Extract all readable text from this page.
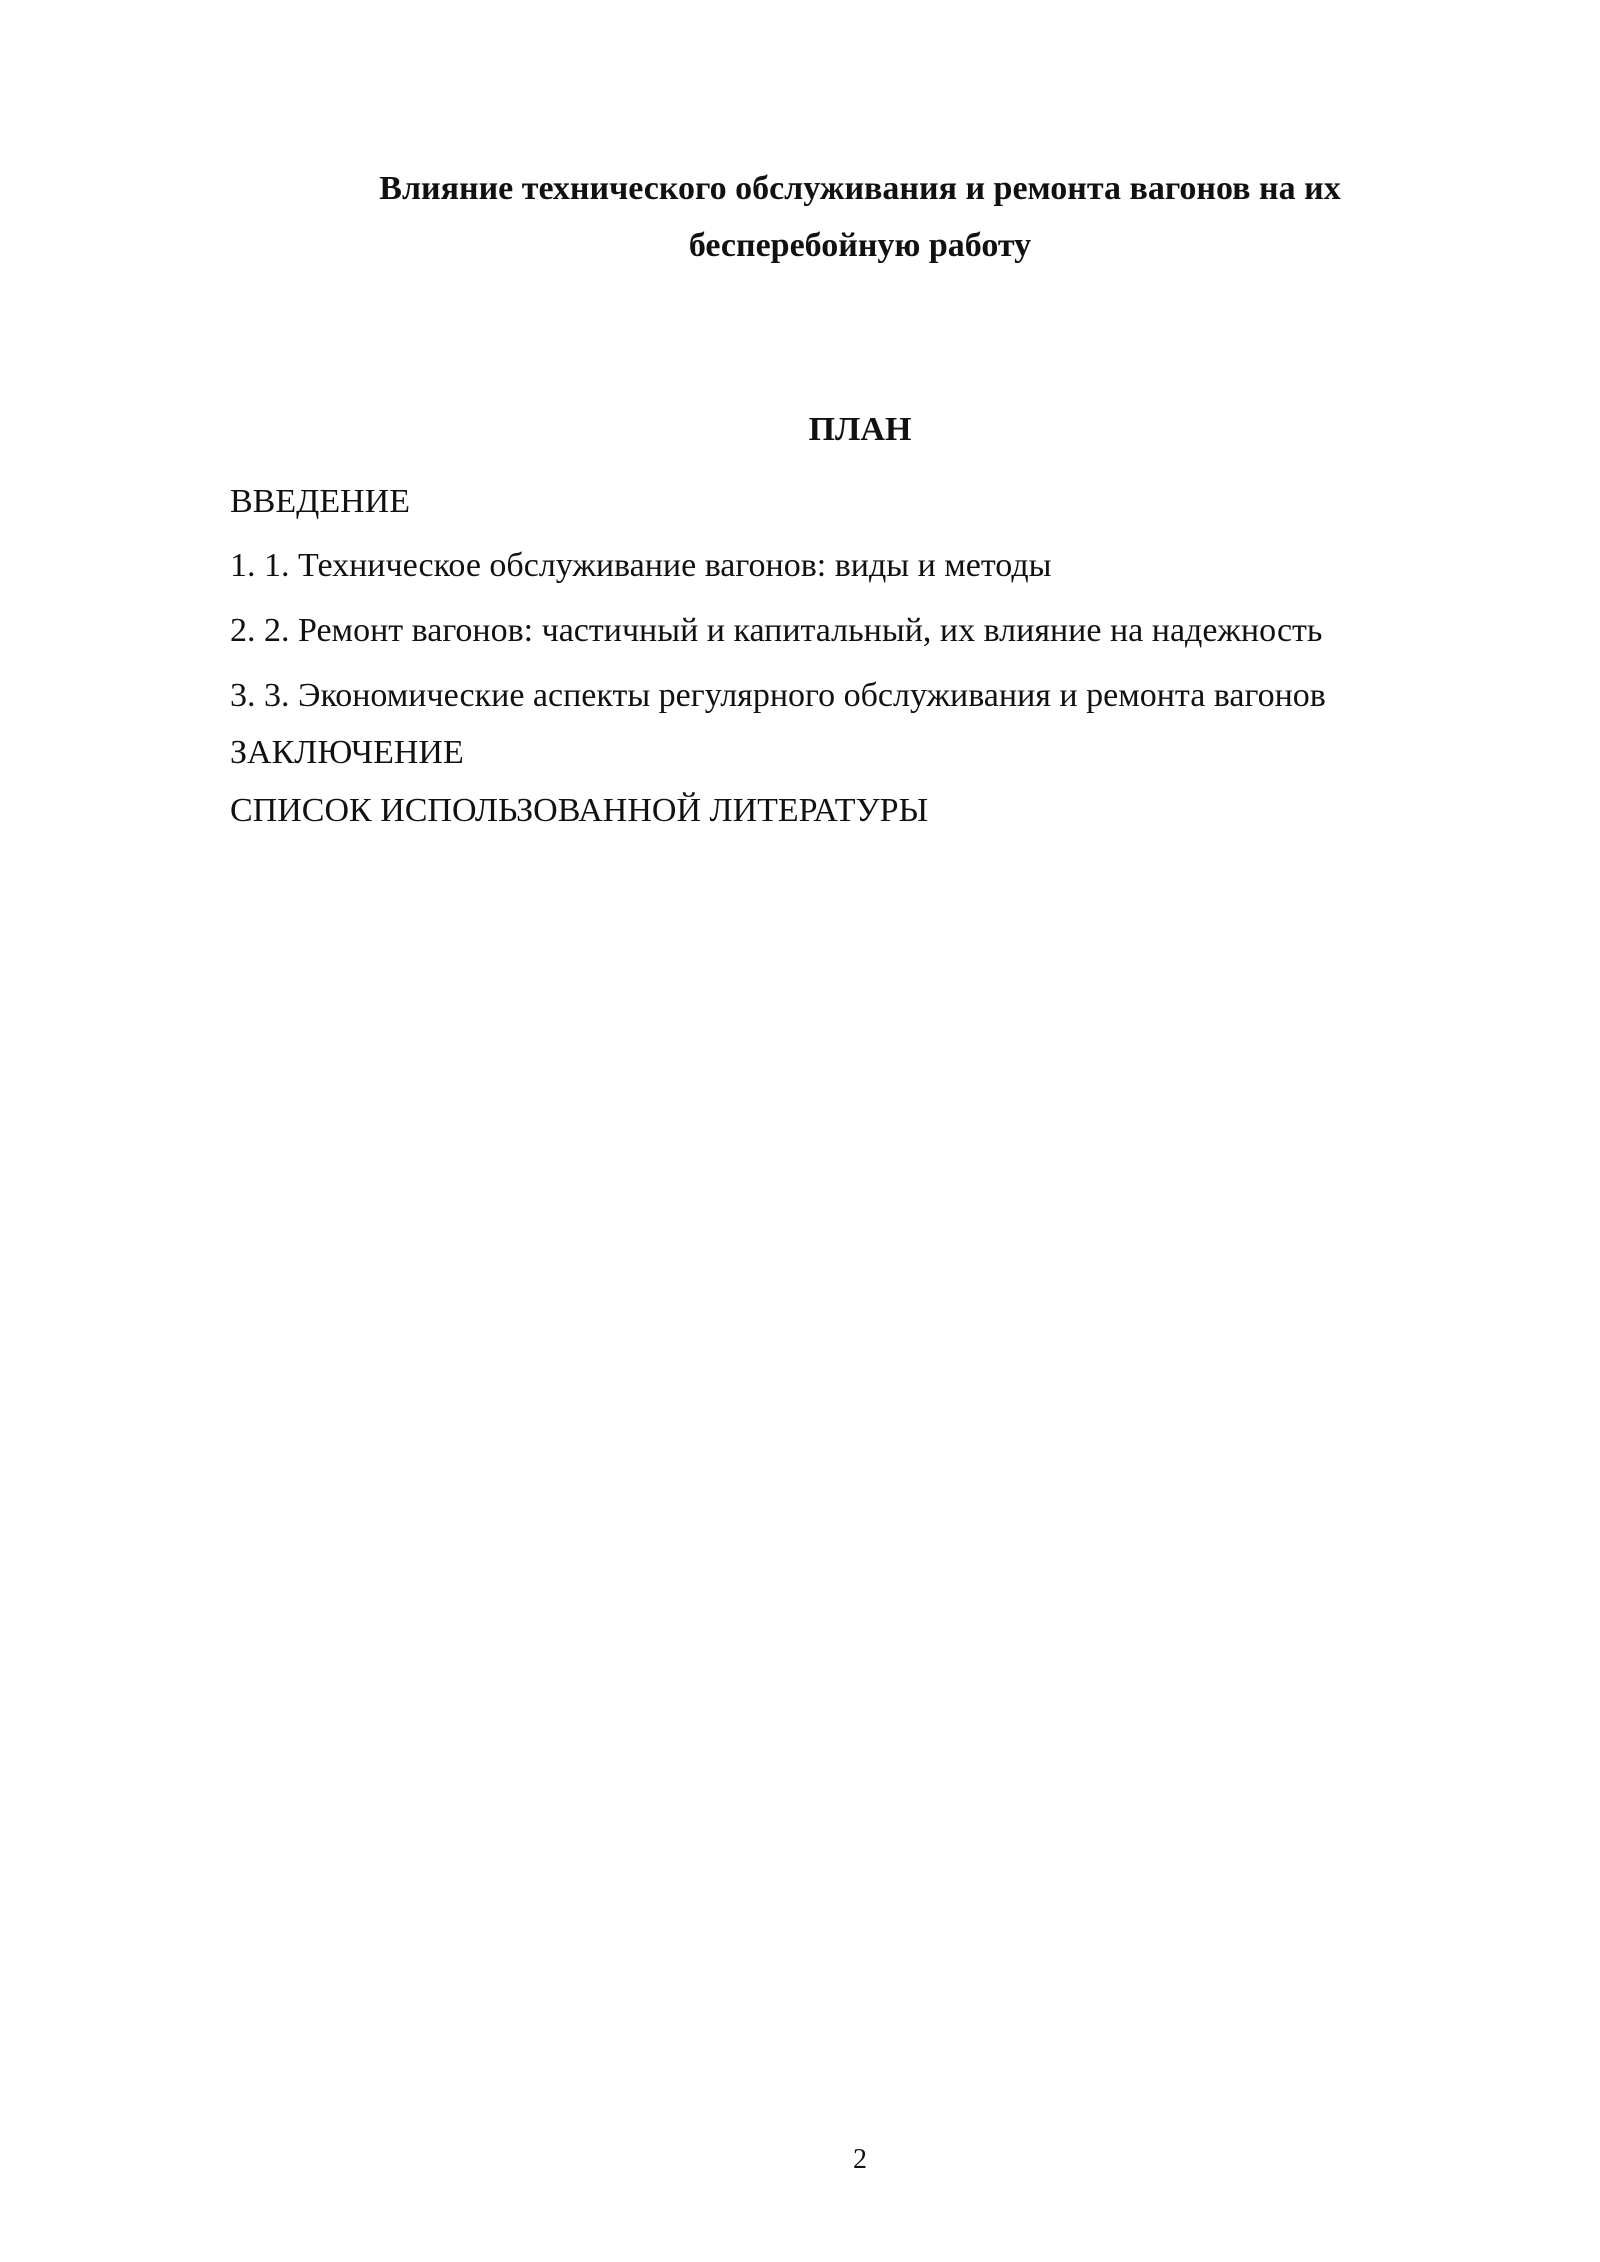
Влияние технического обслуживания и ремонта вагонов на их
бесперебойную работу
ПЛАН
ВВЕДЕНИЕ
1. 1. Техническое обслуживание вагонов: виды и методы
2. 2. Ремонт вагонов: частичный и капитальный, их влияние на надежность
3. 3. Экономические аспекты регулярного обслуживания и ремонта вагонов
ЗАКЛЮЧЕНИЕ
СПИСОК ИСПОЛЬЗОВАННОЙ ЛИТЕРАТУРЫ
2
